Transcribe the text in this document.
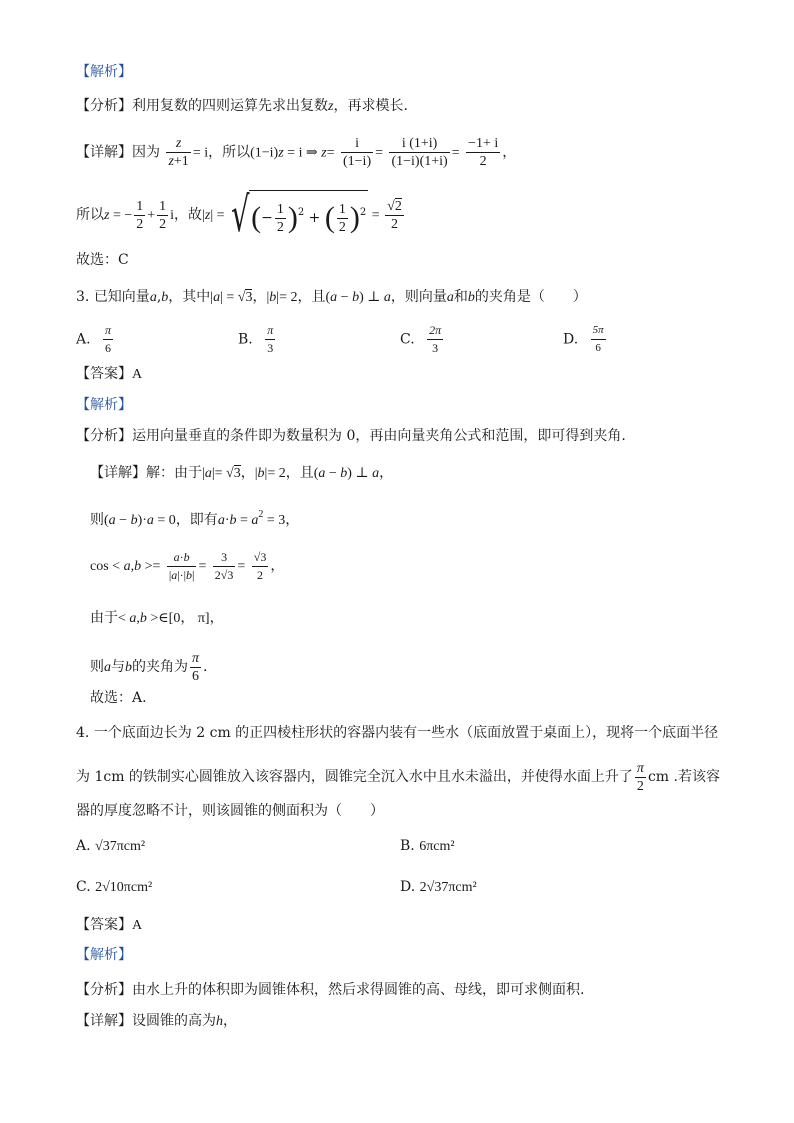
【解析】
【分析】利用复数的四则运算先求出复数z，再求模长.
【详解】因为 $\frac{z}{z+1} = i$，所以(1−i)z = i ⇒ $z= \frac{i}{(1-i)} = \frac{i (1+i)}{(1-i)(1+i)} = \frac{-1+ i}{2}$ ，
所以z = − $\frac{1}{2} + \frac{1}{2}$ i，故|z| = √(− $\frac{1}{2} )^2$ + ( $\frac{1}{2} )^2 = \frac{√2}{2}$
故选：C
3. 已知向量a,b，其中|a| = √3，|b|= 2，且(a − b) ⊥ a，则向量a和b的夹角是（　　）
A. $\frac{\pi}{6}$	B. $\frac{\pi}{3}$	C. $\frac{2\pi}{3}$	D. $\frac{5\pi}{6}$
【答案】A
【解析】
【分析】运用向量垂直的条件即为数量积为 0，再由向量夹角公式和范围，即可得到夹角.
【详解】解：由于|a|= √3，|b|= 2，且(a − b) ⊥ a，
则(a − b)·a = 0，即有$a\cdot b = a^2 = 3$，
$\cos < a,b >= \frac{a\cdot b}{|a|\cdot|b|} = \frac{3}{2√3} = \frac{√3}{2}$ ，
由于< a,b >∈[0， π]，
则a与b的夹角为 $\frac{\pi}{6}$ .
故选：A.
4. 一个底面边长为 2 cm 的正四棱柱形状的容器内装有一些水（底面放置于桌面上），现将一个底面半径
为 1cm 的铁制实心圆锥放入该容器内，圆锥完全沉入水中且水未溢出，并使得水面上升了 $\frac{\pi}{2}$ cm .若该容
器的厚度忽略不计，则该圆锥的侧面积为（　　）
A. √37πcm²	B. 6πcm²
C. 2√10πcm²	D. 2√37πcm²
【答案】A
【解析】
【分析】由水上升的体积即为圆锥体积，然后求得圆锥的高、母线，即可求侧面积.
【详解】设圆锥的高为h，
